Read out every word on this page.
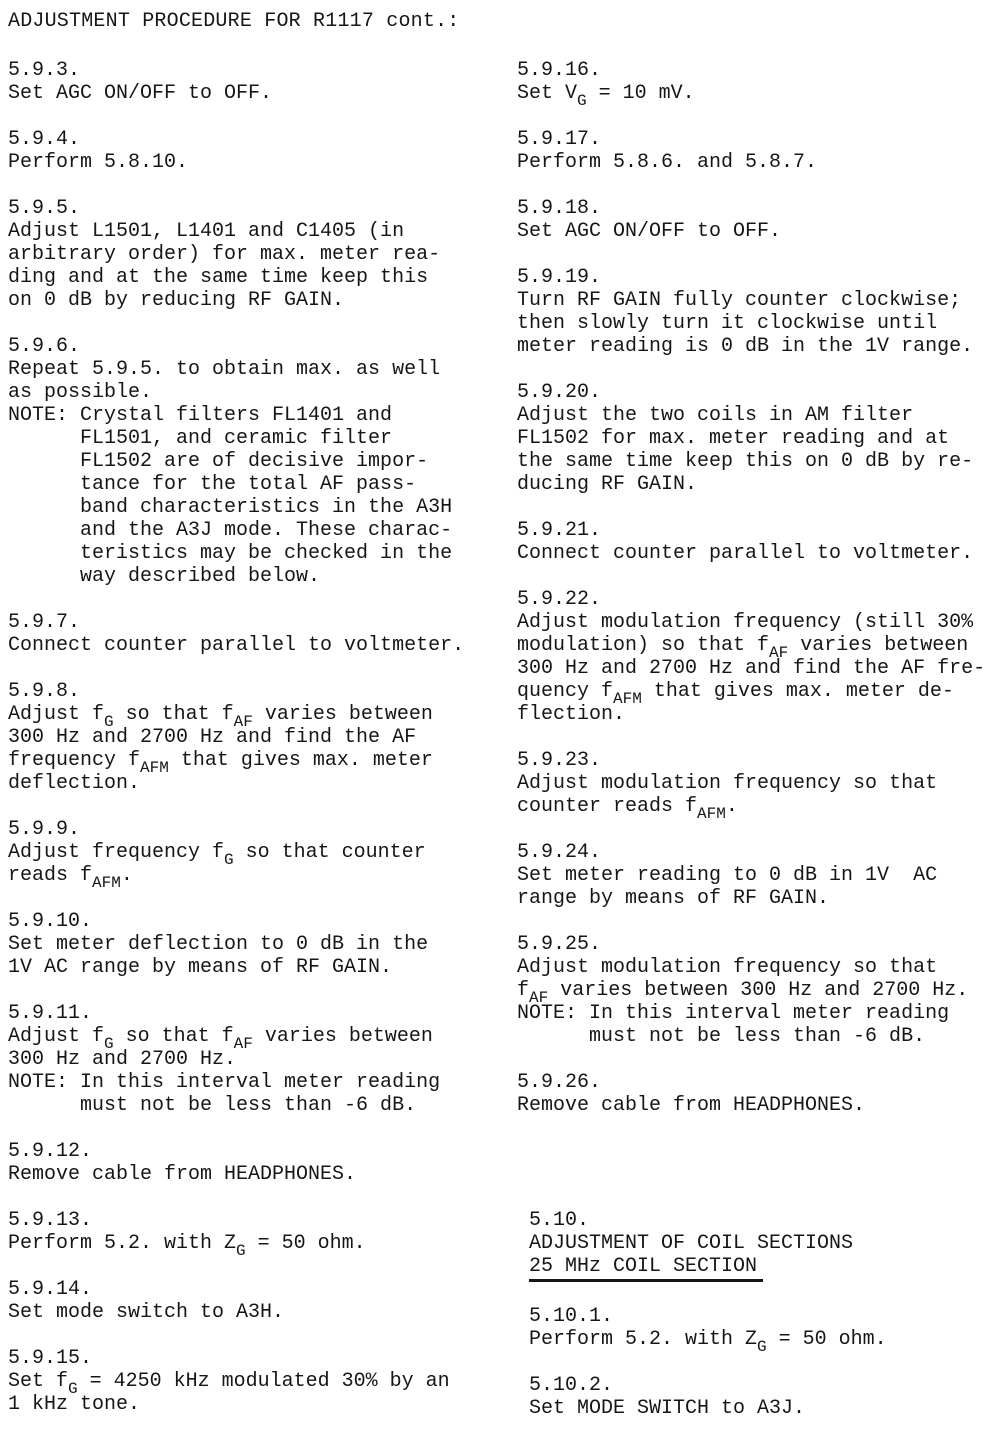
ADJUSTMENT PROCEDURE FOR R1117 cont.:
5.9.3.
Set AGC ON/OFF to OFF.
5.9.4.
Perform 5.8.10.
5.9.5.
Adjust L1501, L1401 and C1405 (in
arbitrary order) for max. meter rea-
ding and at the same time keep this
on 0 dB by reducing RF GAIN.
5.9.6.
Repeat 5.9.5. to obtain max. as well
as possible.
NOTE: Crystal filters FL1401 and
FL1501, and ceramic filter
FL1502 are of decisive impor-
tance for the total AF pass-
band characteristics in the A3H
and the A3J mode. These charac-
teristics may be checked in the
way described below.
5.9.7.
Connect counter parallel to voltmeter.
5.9.8.
Adjust $f_G$ so that $f_{AF}$ varies between
300 Hz and 2700 Hz and find the AF
frequency $f_{AFM}$ that gives max. meter
deflection.
5.9.9.
Adjust frequency $f_G$ so that counter
reads $f_{AFM}$.
5.9.10.
Set meter deflection to 0 dB in the
1V AC range by means of RF GAIN.
5.9.11.
Adjust $f_G$ so that $f_{AF}$ varies between
300 Hz and 2700 Hz.
NOTE: In this interval meter reading
must not be less than -6 dB.
5.9.12.
Remove cable from HEADPHONES.
5.9.13.
Perform 5.2. with $Z_G = 50$ ohm.
5.9.14.
Set mode switch to A3H.
5.9.15.
Set $f_G = 4250$ kHz modulated 30% by an
1 kHz tone.
5.9.16.
Set $V_G = 10$ mV.
5.9.17.
Perform 5.8.6. and 5.8.7.
5.9.18.
Set AGC ON/OFF to OFF.
5.9.19.
Turn RF GAIN fully counter clockwise;
then slowly turn it clockwise until
meter reading is 0 dB in the 1V range.
5.9.20.
Adjust the two coils in AM filter
FL1502 for max. meter reading and at
the same time keep this on 0 dB by re-
ducing RF GAIN.
5.9.21.
Connect counter parallel to voltmeter.
5.9.22.
Adjust modulation frequency (still 30%
modulation) so that $f_{AF}$ varies between
300 Hz and 2700 Hz and find the AF fre-
quency $f_{AFM}$ that gives max. meter de-
flection.
5.9.23.
Adjust modulation frequency so that
counter reads $f_{AFM}$.
5.9.24.
Set meter reading to 0 dB in 1V  AC
range by means of RF GAIN.
5.9.25.
Adjust modulation frequency so that
$f_{AF}$ varies between 300 Hz and 2700 Hz.
NOTE: In this interval meter reading
must not be less than -6 dB.
5.9.26.
Remove cable from HEADPHONES.
5.10.
ADJUSTMENT OF COIL SECTIONS
25 MHz COIL SECTION
5.10.1.
Perform 5.2. with $Z_G = 50$ ohm.
5.10.2.
Set MODE SWITCH to A3J.
